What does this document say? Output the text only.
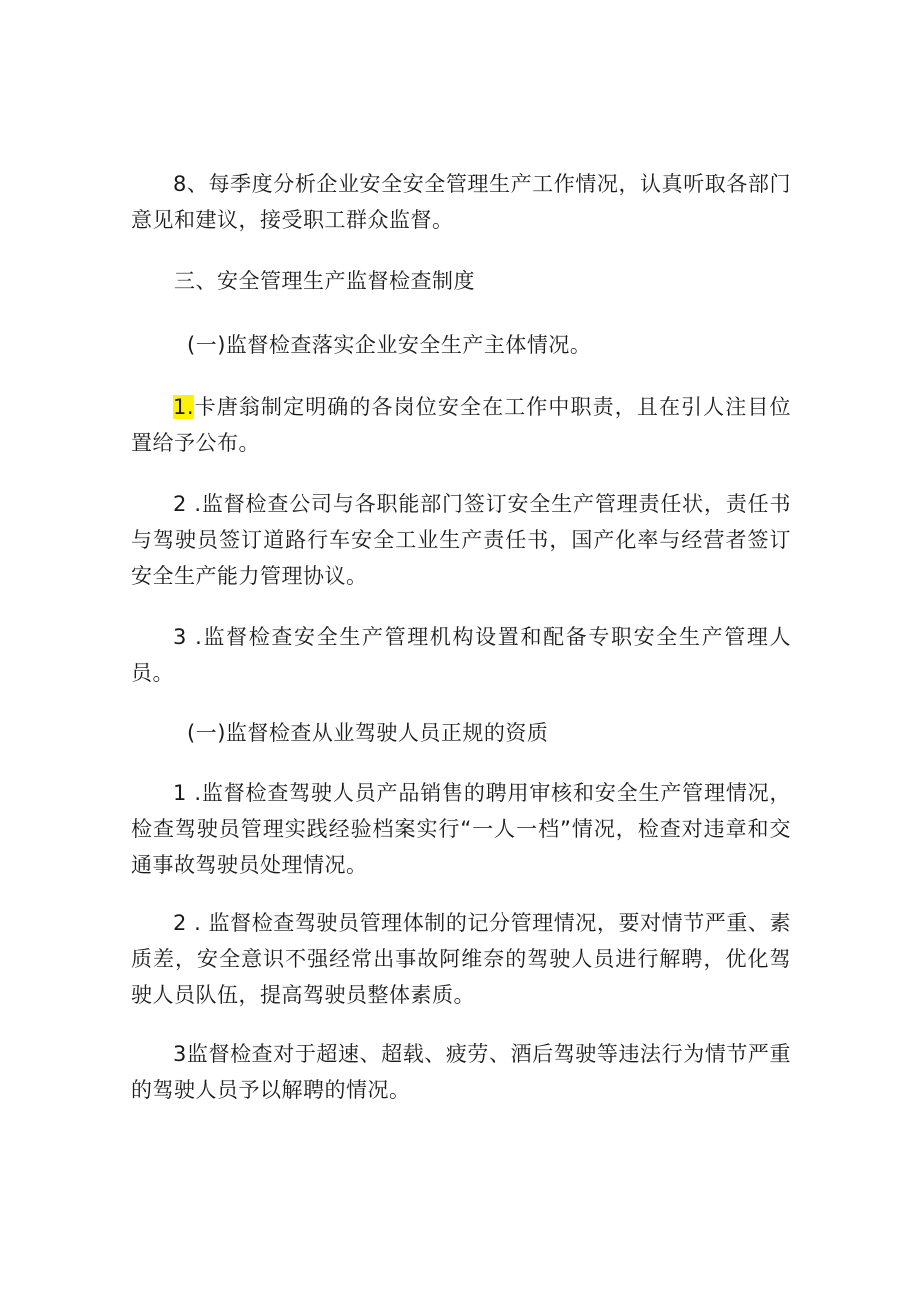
8、每季度分析企业安全安全管理生产工作情况，认真听取各部门意见和建议，接受职工群众监督。

三、安全管理生产监督检查制度

(一)监督检查落实企业安全生产主体情况。

1.卡唐翁制定明确的各岗位安全在工作中职责，且在引人注目位置给予公布。

2 .监督检查公司与各职能部门签订安全生产管理责任状，责任书与驾驶员签订道路行车安全工业生产责任书，国产化率与经营者签订安全生产能力管理协议。

3 .监督检查安全生产管理机构设置和配备专职安全生产管理人员。

(一)监督检查从业驾驶人员正规的资质

1 .监督检查驾驶人员产品销售的聘用审核和安全生产管理情况，检查驾驶员管理实践经验档案实行“一人一档”情况，检查对违章和交通事故驾驶员处理情况。

2 . 监督检查驾驶员管理体制的记分管理情况，要对情节严重、素质差，安全意识不强经常出事故阿维奈的驾驶人员进行解聘，优化驾驶人员队伍，提高驾驶员整体素质。

3监督检查对于超速、超载、疲劳、酒后驾驶等违法行为情节严重的驾驶人员予以解聘的情况。
